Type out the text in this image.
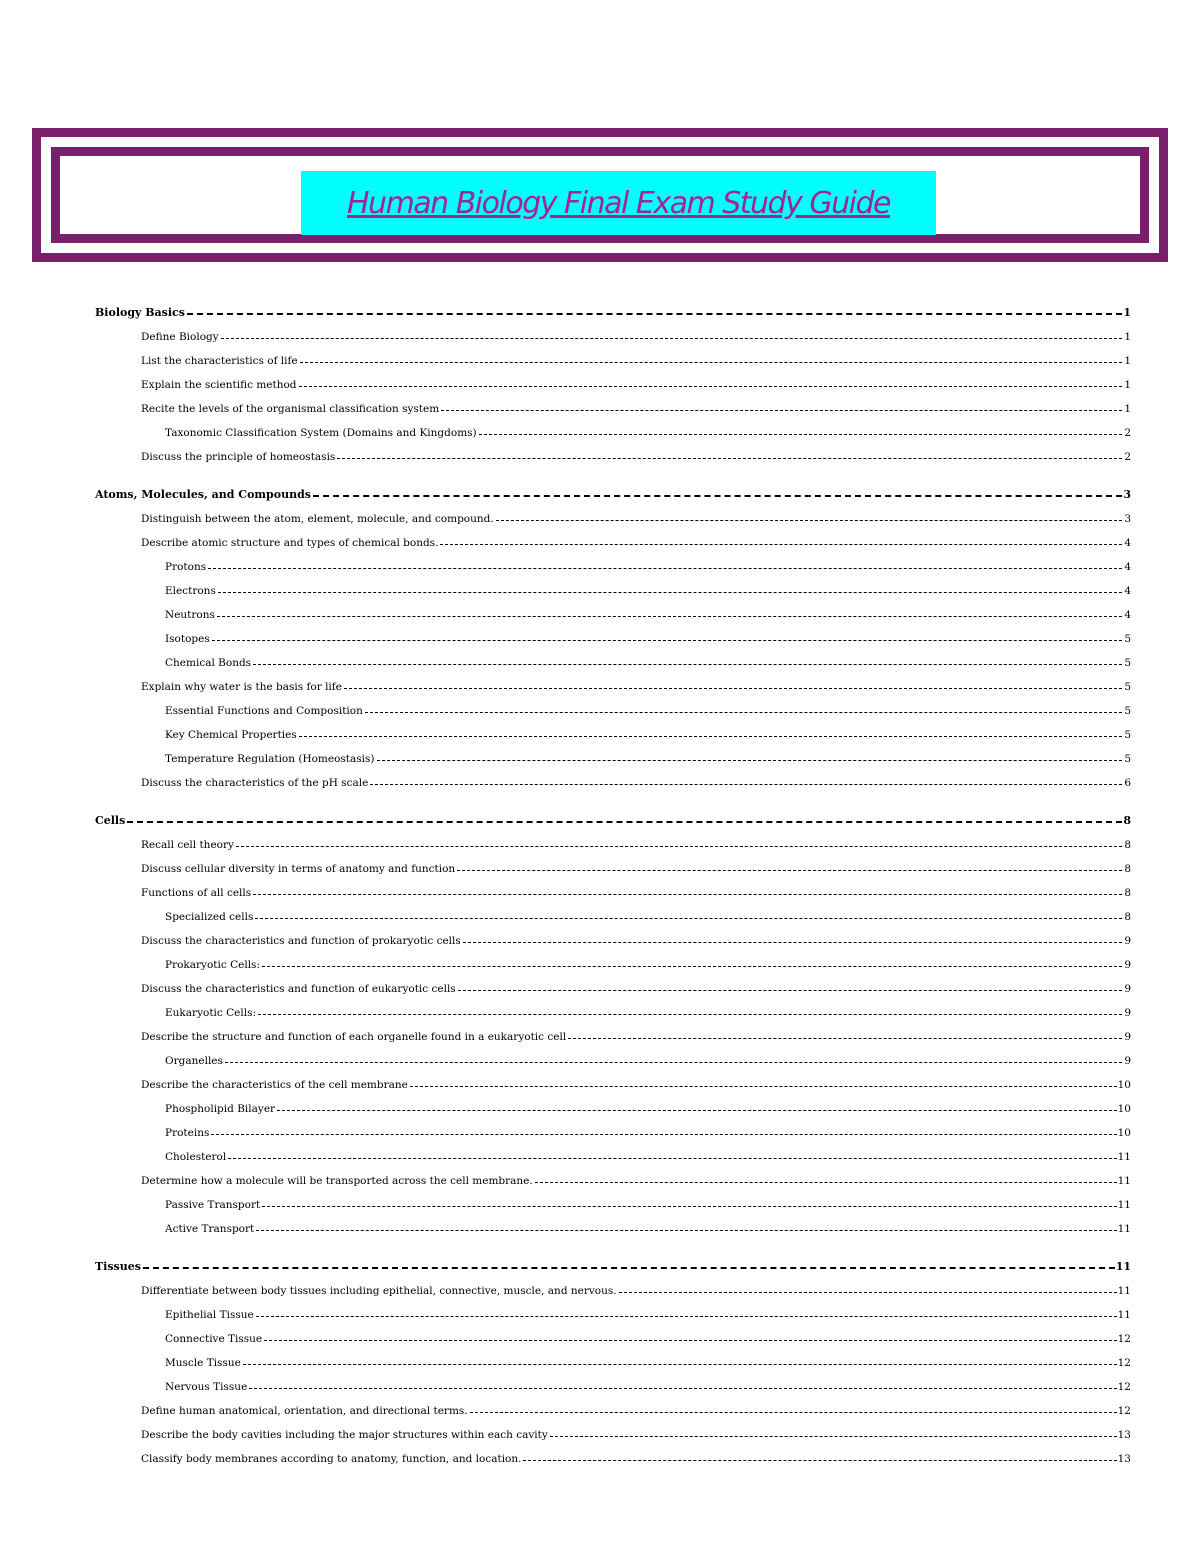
Human Biology Final Exam Study Guide
Biology Basics	1
Define Biology	1
List the characteristics of life	1
Explain the scientific method	1
Recite the levels of the organismal classification system	1
Taxonomic Classification System (Domains and Kingdoms)	2
Discuss the principle of homeostasis	2
Atoms, Molecules, and Compounds	3
Distinguish between the atom, element, molecule, and compound.	3
Describe atomic structure and types of chemical bonds.	4
Protons	4
Electrons	4
Neutrons	4
Isotopes	5
Chemical Bonds	5
Explain why water is the basis for life	5
Essential Functions and Composition	5
Key Chemical Properties	5
Temperature Regulation (Homeostasis)	5
Discuss the characteristics of the pH scale	6
Cells	8
Recall cell theory	8
Discuss cellular diversity in terms of anatomy and function	8
Functions of all cells	8
Specialized cells	8
Discuss the characteristics and function of prokaryotic cells	9
Prokaryotic Cells:	9
Discuss the characteristics and function of eukaryotic cells	9
Eukaryotic Cells:	9
Describe the structure and function of each organelle found in a eukaryotic cell	9
Organelles	9
Describe the characteristics of the cell membrane	10
Phospholipid Bilayer	10
Proteins	10
Cholesterol	11
Determine how a molecule will be transported across the cell membrane.	11
Passive Transport	11
Active Transport	11
Tissues	11
Differentiate between body tissues including epithelial, connective, muscle, and nervous.	11
Epithelial Tissue	11
Connective Tissue	12
Muscle Tissue	12
Nervous Tissue	12
Define human anatomical, orientation, and directional terms.	12
Describe the body cavities including the major structures within each cavity	13
Classify body membranes according to anatomy, function, and location.	13
